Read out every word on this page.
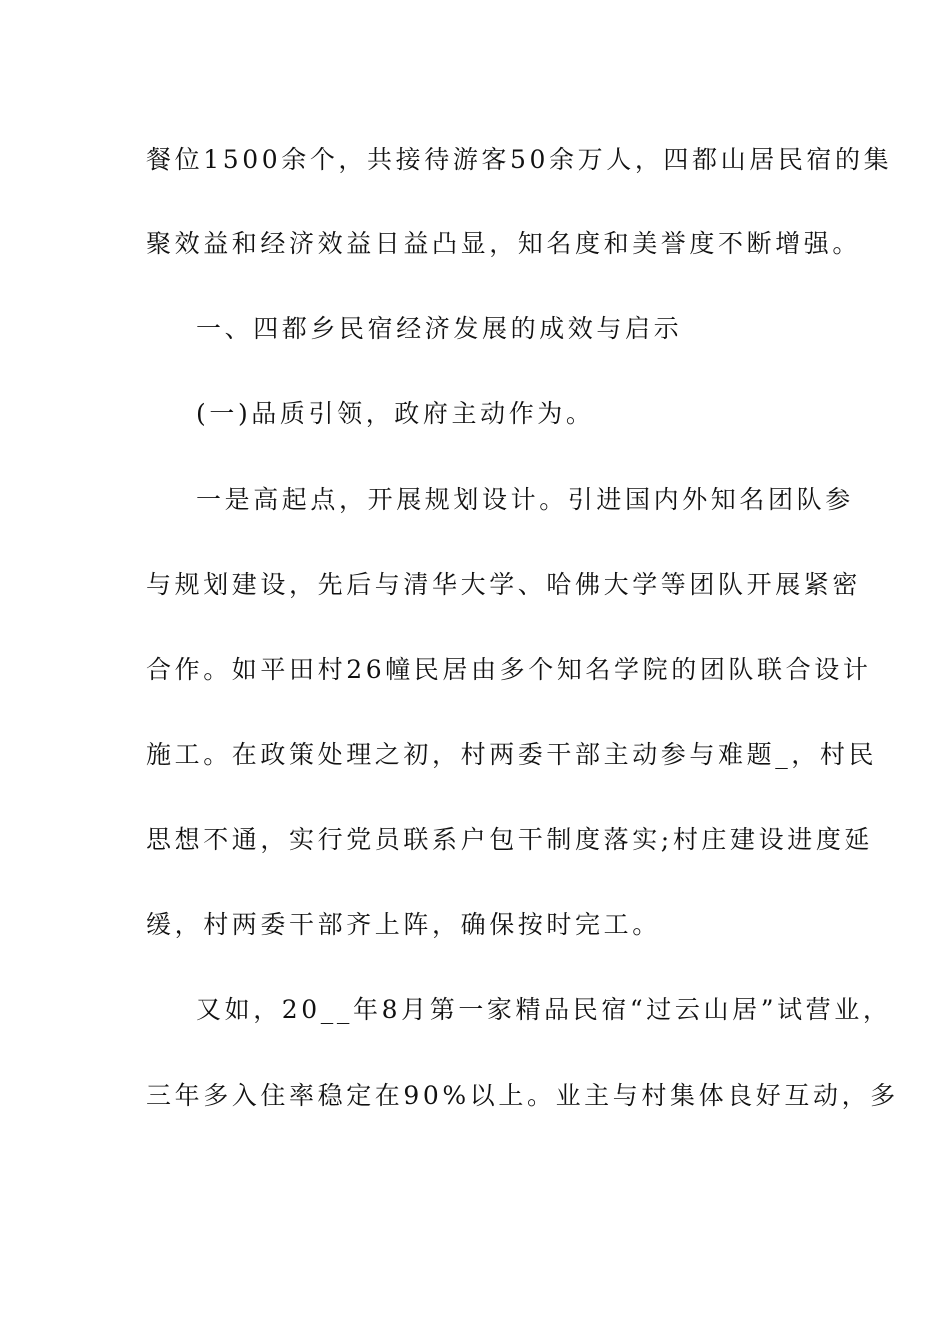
餐位1500余个，共接待游客50余万人，四都山居民宿的集
聚效益和经济效益日益凸显，知名度和美誉度不断增强。
一、四都乡民宿经济发展的成效与启示
(一)品质引领，政府主动作为。
一是高起点，开展规划设计。引进国内外知名团队参
与规划建设，先后与清华大学、哈佛大学等团队开展紧密
合作。如平田村26幢民居由多个知名学院的团队联合设计
施工。在政策处理之初，村两委干部主动参与难题_，村民
思想不通，实行党员联系户包干制度落实;村庄建设进度延
缓，村两委干部齐上阵，确保按时完工。
又如，20__年8月第一家精品民宿“过云山居”试营业，
三年多入住率稳定在90%以上。业主与村集体良好互动，多
